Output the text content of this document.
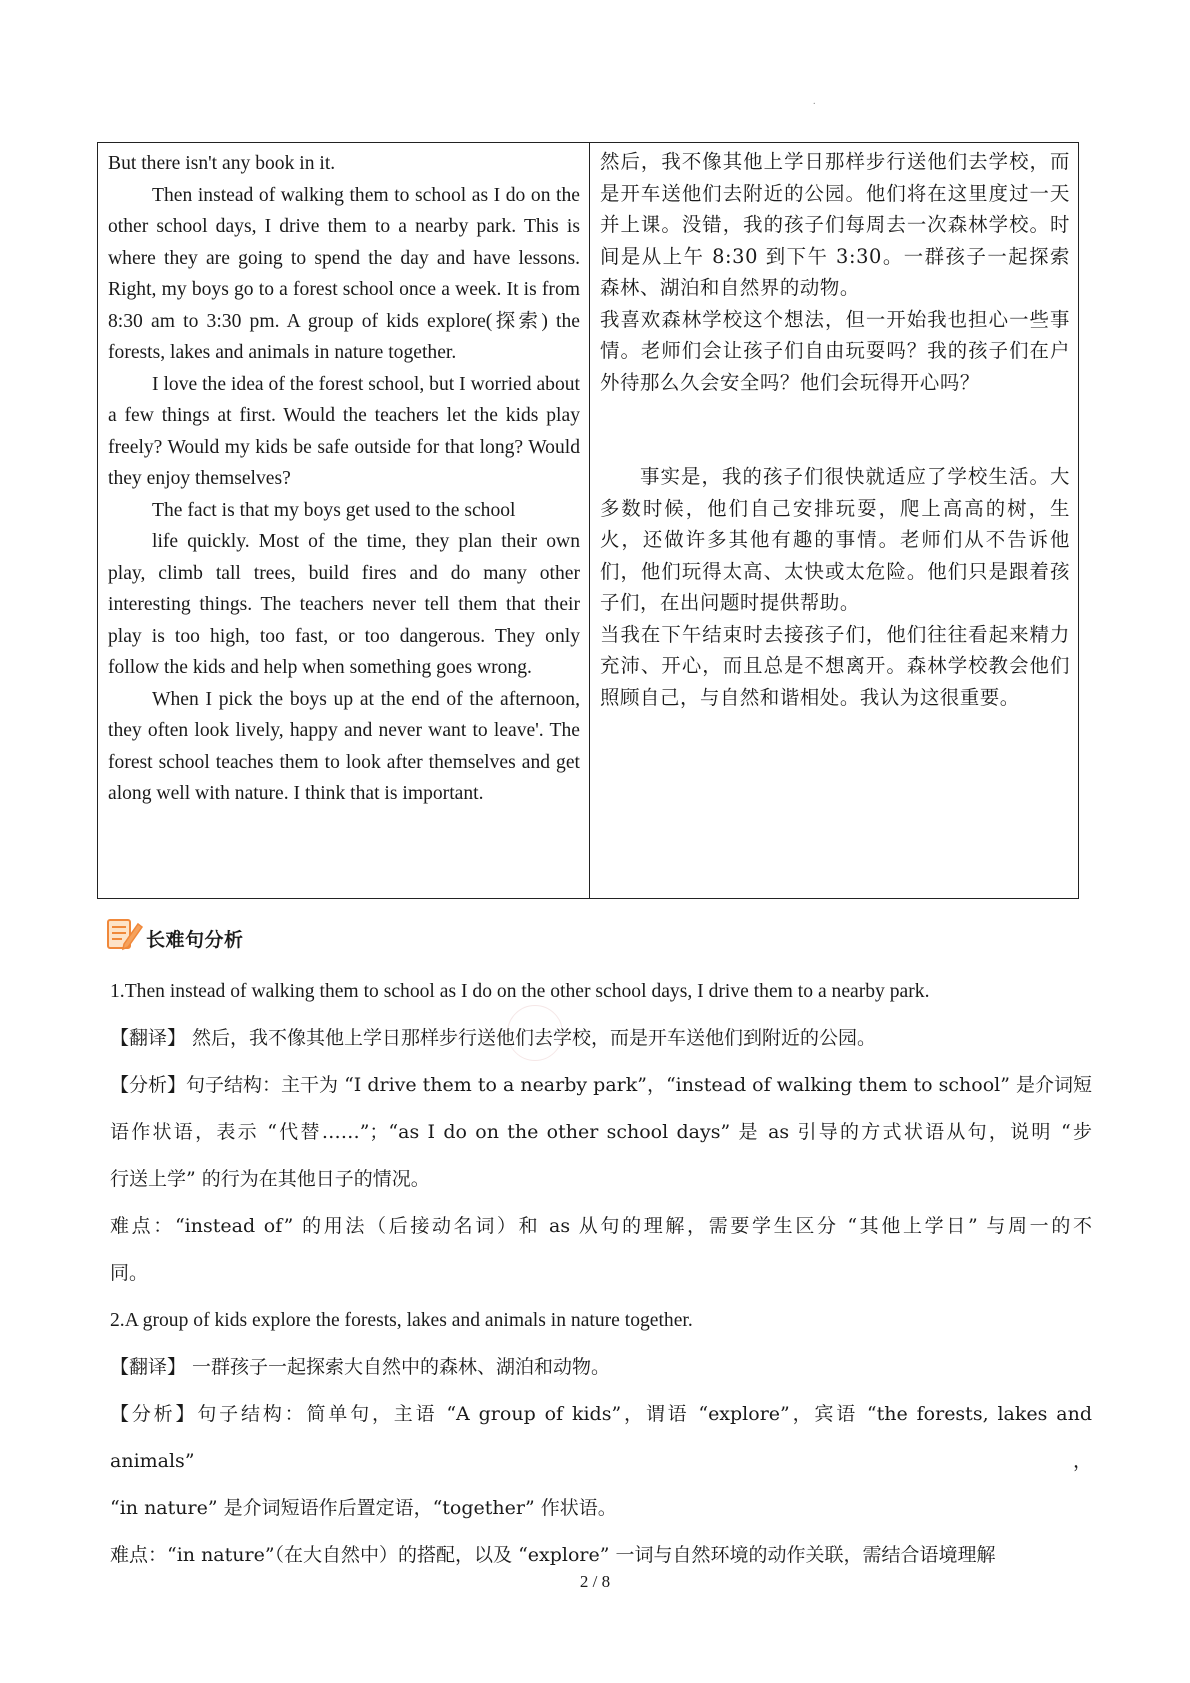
.

But there isn't any book in it.

Then instead of walking them to school as I do on the other school days, I drive them to a nearby park. This is where they are going to spend the day and have lessons. Right, my boys go to a forest school once a week. It is from 8:30 am to 3:30 pm. A group of kids explore(探索) the forests, lakes and animals in nature together.

I love the idea of the forest school, but I worried about a few things at first. Would the teachers let the kids play freely? Would my kids be safe outside for that long? Would they enjoy themselves?

The fact is that my boys get used to the school

life quickly. Most of the time, they plan their own play, climb tall trees, build fires and do many other interesting things. The teachers never tell them that their play is too high, too fast, or too dangerous. They only follow the kids and help when something goes wrong.

When I pick the boys up at the end of the afternoon, they often look lively, happy and never want to leave'. The forest school teaches them to look after themselves and get along well with nature. I think that is important.

然后，我不像其他上学日那样步行送他们去学校，而是开车送他们去附近的公园。他们将在这里度过一天并上课。没错，我的孩子们每周去一次森林学校。时间是从上午 8:30 到下午 3:30。一群孩子一起探索森林、湖泊和自然界的动物。

我喜欢森林学校这个想法，但一开始我也担心一些事情。老师们会让孩子们自由玩耍吗？我的孩子们在户外待那么久会安全吗？他们会玩得开心吗？

事实是，我的孩子们很快就适应了学校生活。大多数时候，他们自己安排玩耍，爬上高高的树，生火，还做许多其他有趣的事情。老师们从不告诉他们，他们玩得太高、太快或太危险。他们只是跟着孩子们，在出问题时提供帮助。

当我在下午结束时去接孩子们，他们往往看起来精力充沛、开心，而且总是不想离开。森林学校教会他们照顾自己，与自然和谐相处。我认为这很重要。

长难句分析
1.Then instead of walking them to school as I do on the other school days, I drive them to a nearby park.
【翻译】 然后，我不像其他上学日那样步行送他们去学校，而是开车送他们到附近的公园。
【分析】句子结构：主干为 “I drive them to a nearby park”，“instead of walking them to school” 是介词短
语作状语，表示 “代替……”；“as I do on the other school days” 是 as 引导的方式状语从句，说明 “步
行送上学” 的行为在其他日子的情况。
难点：“instead of” 的用法（后接动名词）和 as 从句的理解，需要学生区分 “其他上学日” 与周一的不
同。
2.A group of kids explore the forests, lakes and animals in nature together.
【翻译】 一群孩子一起探索大自然中的森林、湖泊和动物。
【分析】句子结构：简单句，主语 “A group of kids”，谓语 “explore”，宾语 “the forests, lakes and animals”，
“in nature” 是介词短语作后置定语，“together” 作状语。
难点：“in nature”（在大自然中）的搭配，以及 “explore” 一词与自然环境的动作关联，需结合语境理解
2 / 8
